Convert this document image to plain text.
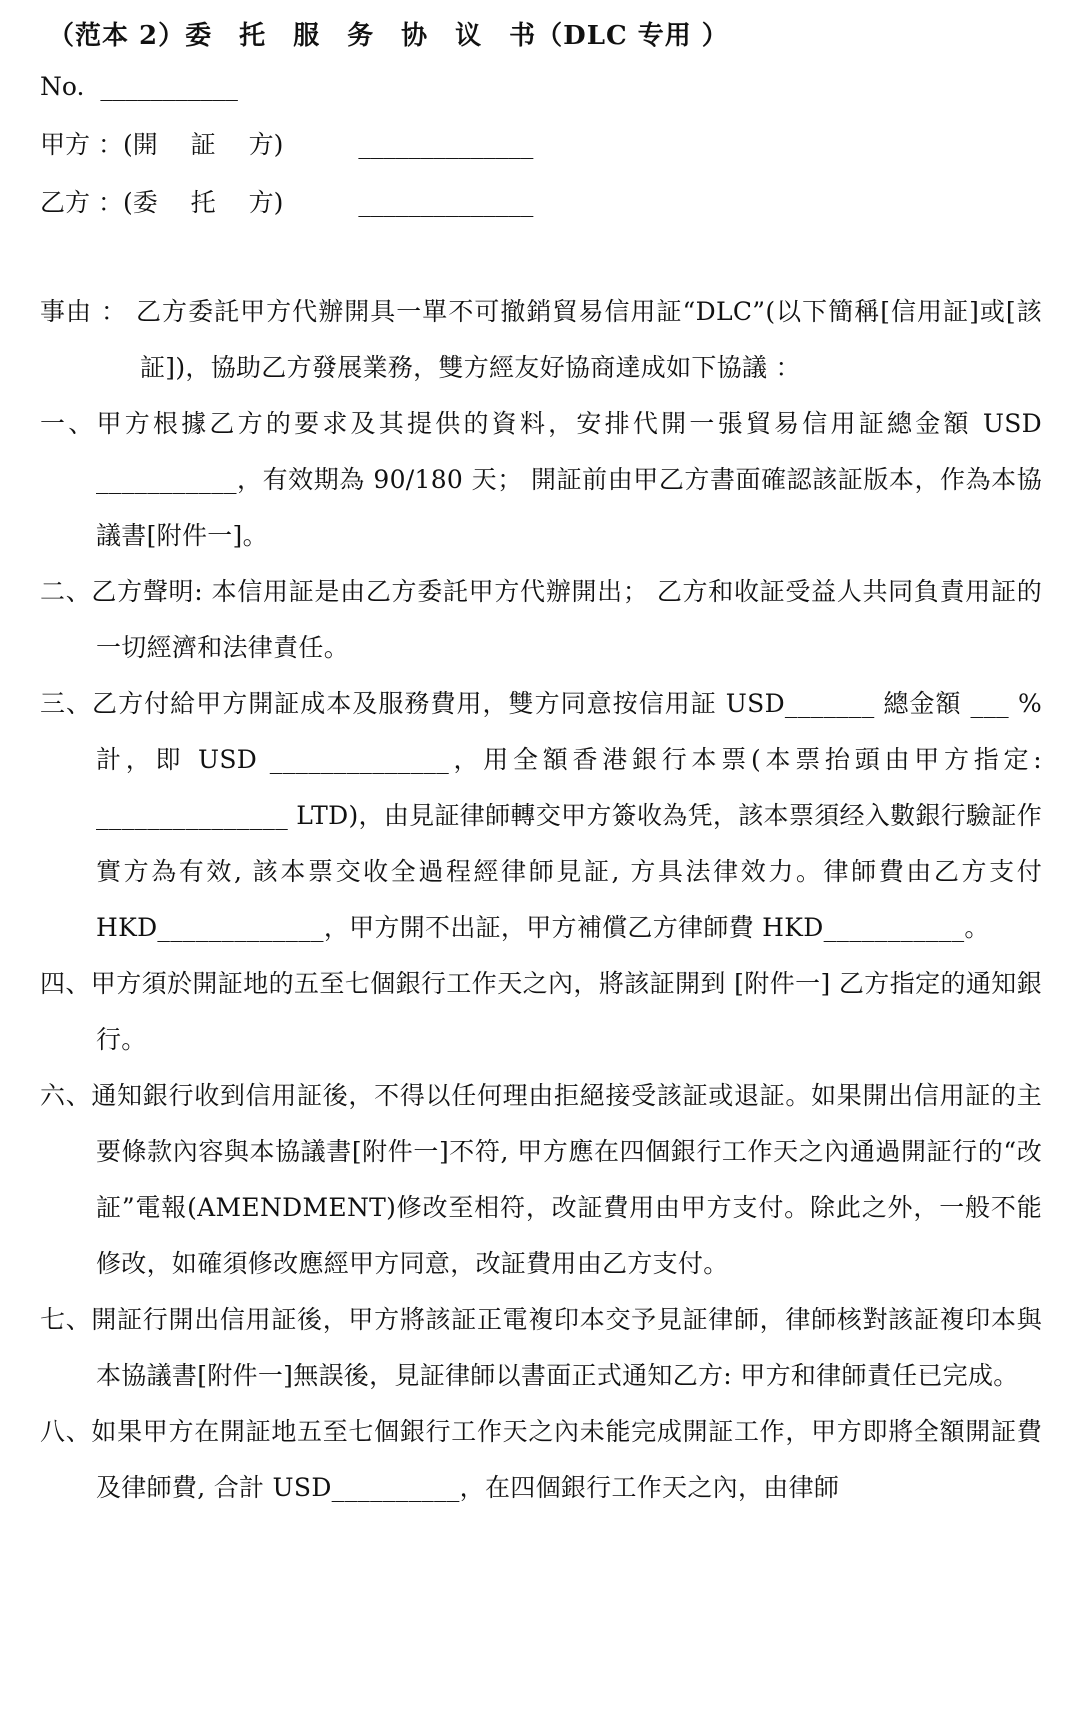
（范本 2）委　托　服　务　协　议　书（DLC 专用 ）

No.  ___________

甲方 ：(開　 証　 方)　　　______________

乙方 ：(委　 托　 方)　　　______________

事由 ： 乙方委託甲方代辦開具一單不可撤銷貿易信用証“DLC”(以下簡稱[信用証]或[該証])，協助乙方發展業務，雙方經友好協商達成如下協議 ：

一、甲方根據乙方的要求及其提供的資料，安排代開一張貿易信用証總金額 USD ___________，有效期為 90/180 天； 開証前由甲乙方書面確認該証版本，作為本協議書[附件一]。

二、乙方聲明: 本信用証是由乙方委託甲方代辦開出； 乙方和收証受益人共同負責用証的一切經濟和法律責任。

三、乙方付給甲方開証成本及服務費用，雙方同意按信用証 USD_______ 總金額 ___ % 計，即 USD ______________，用全額香港銀行本票(本票抬頭由甲方指定: _______________ LTD)，由見証律師轉交甲方簽收為凭，該本票須经入數銀行驗証作實方為有效, 該本票交收全過程經律師見証, 方具法律效力。律師費由乙方支付 HKD_____________，甲方開不出証，甲方補償乙方律師費 HKD___________。

四、甲方須於開証地的五至七個銀行工作天之內，將該証開到 [附件一] 乙方指定的通知銀行。

六、通知銀行收到信用証後，不得以任何理由拒絕接受該証或退証。如果開出信用証的主要條款內容與本協議書[附件一]不符, 甲方應在四個銀行工作天之內通過開証行的“改証”電報(AMENDMENT)修改至相符，改証費用由甲方支付。除此之外，一般不能修改，如確須修改應經甲方同意，改証費用由乙方支付。

七、開証行開出信用証後，甲方將該証正電複印本交予見証律師，律師核對該証複印本與本協議書[附件一]無誤後，見証律師以書面正式通知乙方: 甲方和律師責任已完成。

八、如果甲方在開証地五至七個銀行工作天之內未能完成開証工作，甲方即將全額開証費及律師費, 合計 USD__________，在四個銀行工作天之內，由律師
